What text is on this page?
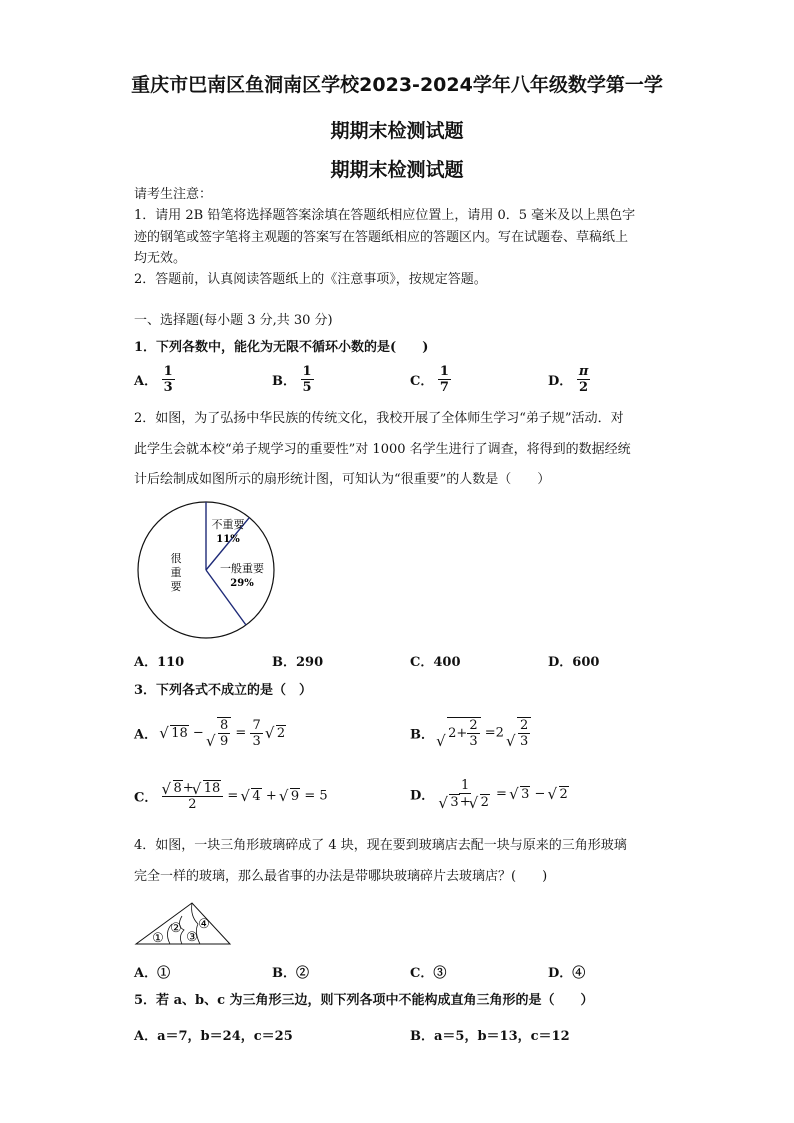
重庆市巴南区鱼洞南区学校2023-2024学年八年级数学第一学
期期末检测试题
期期末检测试题
请考生注意：
1．请用 2B 铅笔将选择题答案涂填在答题纸相应位置上，请用 0．5 毫米及以上黑色字
迹的钢笔或签字笔将主观题的答案写在答题纸相应的答题区内。写在试题卷、草稿纸上
均无效。
2．答题前，认真阅读答题纸上的《注意事项》，按规定答题。
一、选择题(每小题 3 分,共 30 分)
1．下列各数中，能化为无限不循环小数的是(　　)
A． $\frac{1}{3}$	B． $\frac{1}{5}$	C． $\frac{1}{7}$	D． $\frac{\pi}{2}$
2．如图，为了弘扬中华民族的传统文化，我校开展了全体师生学习“弟子规”活动．对
此学生会就本校“弟子规学习的重要性”对 1000 名学生进行了调查，将得到的数据经统
计后绘制成如图所示的扇形统计图，可知认为“很重要”的人数是（　　）
不重要
11%
一般重要
29%
很
重
要
A．110	B．290	C．400	D．600
3．下列各式不成立的是（　）
A． √ 18 − √ $\frac{8}{9} = \frac{7}{3}$ √ 2	B． √ $2+ \frac{2}{3} =2$ √ $\frac{2}{3}$
C． √ $\frac{8+ √ 18}{2}$ = √ 4 + √ 9 = 5	D． 1
√ 3+ √ 2 = √ 3 − √ 2
4．如图，一块三角形玻璃碎成了 4 块，现在要到玻璃店去配一块与原来的三角形玻璃
完全一样的玻璃，那么最省事的办法是带哪块玻璃碎片去玻璃店？(　　)
①
②
③
④
A．①	B．②	C．③	D．④
5．若 a、b、c 为三角形三边，则下列各项中不能构成直角三角形的是（　　）
A．a＝7，b＝24，c＝25	B．a＝5，b＝13，c＝12
